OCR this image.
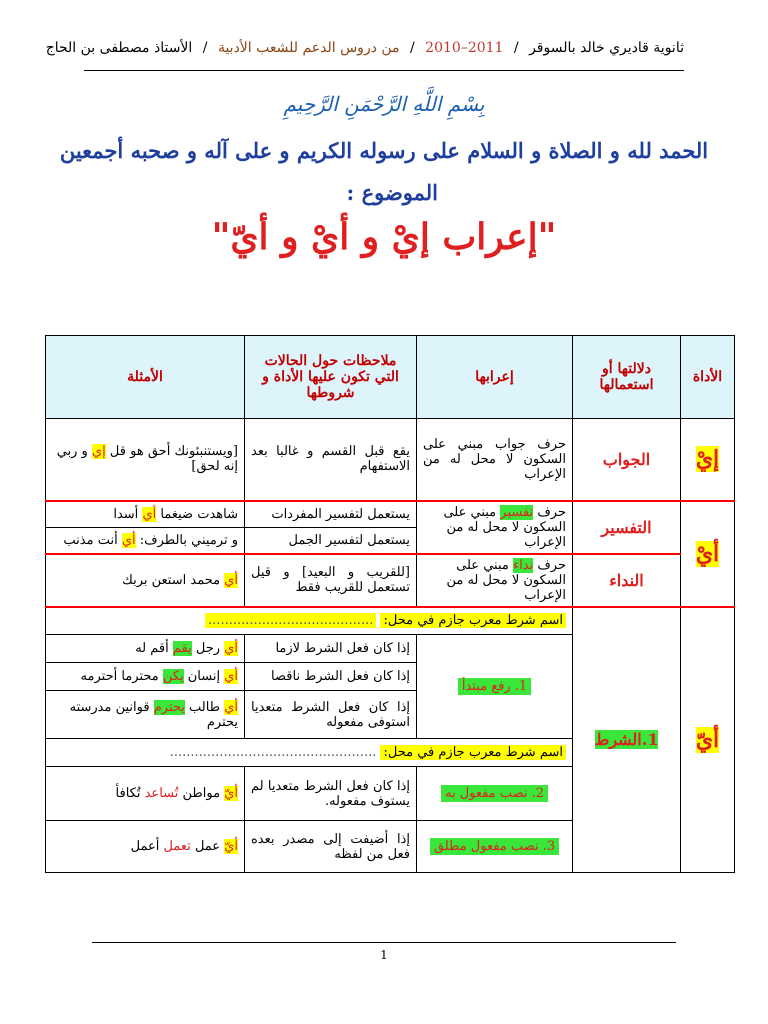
ثانوية قاديري خالد بالسوقر / 2011–2010 / من دروس الدعم للشعب الأدبية / الأستاذ مصطفى بن الحاج
بِسْمِ اللَّهِ الرَّحْمَنِ الرَّحِيمِ
الحمد لله و الصلاة و السلام على رسوله الكريم و على آله و صحبه أجمعين
الموضوع :
"إعراب إيْ و أيْ و أيّ"
الأداة	دلالتها أو استعمالها	إعرابها	ملاحظات حول الحالات التي تكون عليها الأداة و شروطها	الأمثلة
إيْ	الجواب	حرف جواب مبني على السكون لا محل له من الإعراب	يقع قبل القسم و غالبا بعد الاستفهام	[ويستنبئونك أحق هو قل إي و ربي إنه لحق]
أيْ	التفسير	حرف تفسير مبني على السكون لا محل له من الإعراب	يستعمل لتفسير المفردات	شاهدت ضيغما أي أسدا
			يستعمل لتفسير الجمل	و ترميني بالطرف: أي أنت مذنب
	النداء	حرف نداء مبني على السكون لا محل له من الإعراب	[للقريب و البعيد] و قيل تستعمل للقريب فقط	أي محمد استعن بربك
أيّ	1.الشرط	اسم شرط معرب جازم في محل: ........................................		
		1. رفع مبتدأ	إذا كان فعل الشرط لازما	أي رجل يقم أقم له
			إذا كان فعل الشرط ناقصا	أي إنسان يكن محترما أحترمه
			إذا كان فعل الشرط متعديا استوفى مفعوله	أي طالب يحترم قوانين مدرسته يحترم
		اسم شرط معرب جازم في محل: ..................................................		
		2. نصب مفعول به	إذا كان فعل الشرط متعديا لم يستوف مفعوله.	أيّ مواطن تُساعد تُكافأ
		3. نصب مفعول مطلق	إذا أضيفت إلى مصدر بعده فعل من لفظه	أيّ عمل تعمل أعمل
1
